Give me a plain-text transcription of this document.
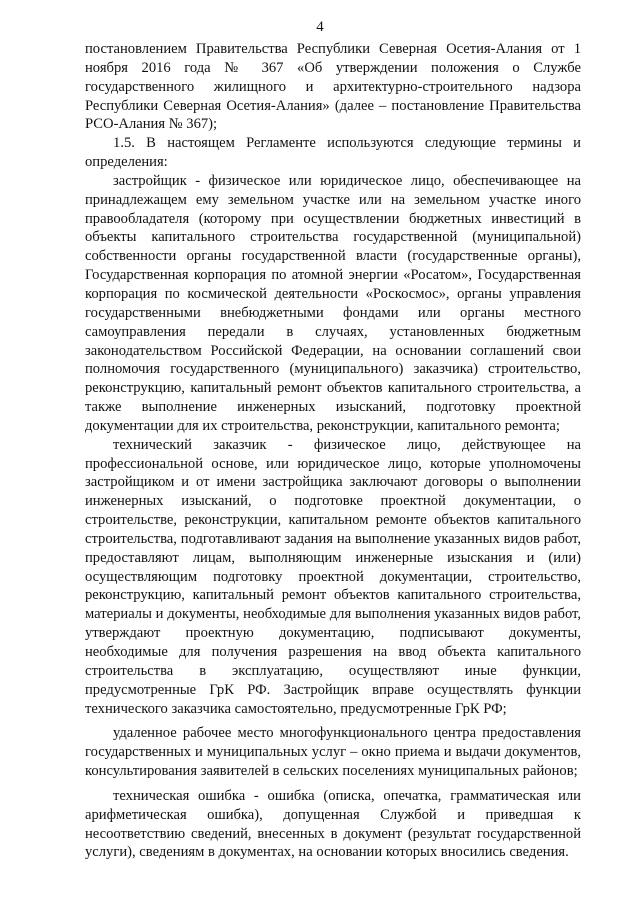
4

постановлением Правительства Республики Северная Осетия-Алания от 1 ноября 2016 года № 367 «Об утверждении положения о Службе государственного жилищного и архитектурно-строительного надзора Республики Северная Осетия-Алания» (далее – постановление Правительства РСО-Алания № 367);

1.5. В настоящем Регламенте используются следующие термины и определения:

застройщик - физическое или юридическое лицо, обеспечивающее на принадлежащем ему земельном участке или на земельном участке иного правообладателя (которому при осуществлении бюджетных инвестиций в объекты капитального строительства государственной (муниципальной) собственности органы государственной власти (государственные органы), Государственная корпорация по атомной энергии «Росатом», Государственная корпорация по космической деятельности «Роскосмос», органы управления государственными внебюджетными фондами или органы местного самоуправления передали в случаях, установленных бюджетным законодательством Российской Федерации, на основании соглашений свои полномочия государственного (муниципального) заказчика) строительство, реконструкцию, капитальный ремонт объектов капитального строительства, а также выполнение инженерных изысканий, подготовку проектной документации для их строительства, реконструкции, капитального ремонта;

технический заказчик - физическое лицо, действующее на профессиональной основе, или юридическое лицо, которые уполномочены застройщиком и от имени застройщика заключают договоры о выполнении инженерных изысканий, о подготовке проектной документации, о строительстве, реконструкции, капитальном ремонте объектов капитального строительства, подготавливают задания на выполнение указанных видов работ, предоставляют лицам, выполняющим инженерные изыскания и (или) осуществляющим подготовку проектной документации, строительство, реконструкцию, капитальный ремонт объектов капитального строительства, материалы и документы, необходимые для выполнения указанных видов работ, утверждают проектную документацию, подписывают документы, необходимые для получения разрешения на ввод объекта капитального строительства в эксплуатацию, осуществляют иные функции, предусмотренные ГрК РФ. Застройщик вправе осуществлять функции технического заказчика самостоятельно, предусмотренные ГрК РФ;

удаленное рабочее место многофункционального центра предоставления государственных и муниципальных услуг – окно приема и выдачи документов, консультирования заявителей в сельских поселениях муниципальных районов;

техническая ошибка - ошибка (описка, опечатка, грамматическая или арифметическая ошибка), допущенная Службой и приведшая к несоответствию сведений, внесенных в документ (результат государственной услуги), сведениям в документах, на основании которых вносились сведения.
